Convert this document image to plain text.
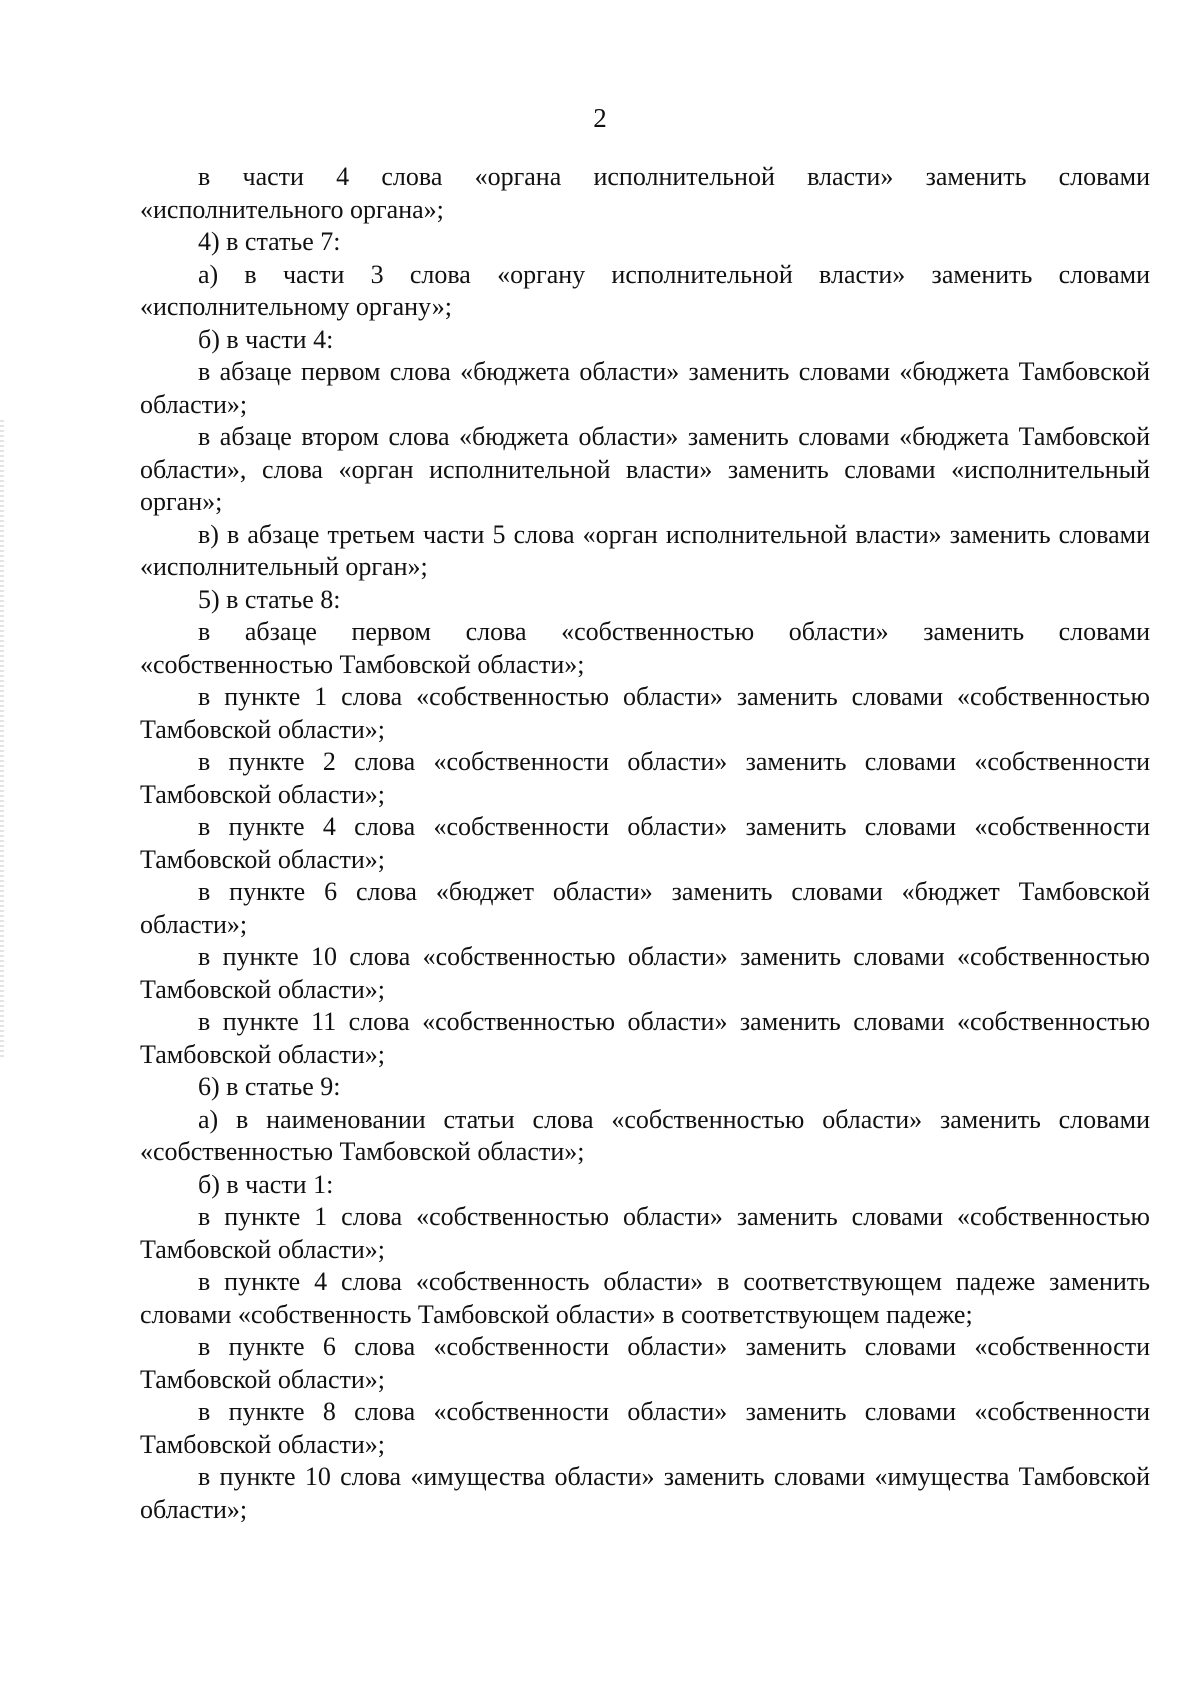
2

в части 4 слова «органа исполнительной власти» заменить словами «исполнительного органа»;

4) в статье 7:

а) в части 3 слова «органу исполнительной власти» заменить словами «исполнительному органу»;

б) в части 4:

в абзаце первом слова «бюджета области» заменить словами «бюджета Тамбовской области»;

в абзаце втором слова «бюджета области» заменить словами «бюджета Тамбовской области», слова «орган исполнительной власти» заменить словами «исполнительный орган»;

в) в абзаце третьем части 5 слова «орган исполнительной власти» заменить словами «исполнительный орган»;

5) в статье 8:

в абзаце первом слова «собственностью области» заменить словами «собственностью Тамбовской области»;

в пункте 1 слова «собственностью области» заменить словами «собственностью Тамбовской области»;

в пункте 2 слова «собственности области» заменить словами «собственности Тамбовской области»;

в пункте 4 слова «собственности области» заменить словами «собственности Тамбовской области»;

в пункте 6 слова «бюджет области» заменить словами «бюджет Тамбовской области»;

в пункте 10 слова «собственностью области» заменить словами «собственностью Тамбовской области»;

в пункте 11 слова «собственностью области» заменить словами «собственностью Тамбовской области»;

6) в статье 9:

а) в наименовании статьи слова «собственностью области» заменить словами «собственностью Тамбовской области»;

б) в части 1:

в пункте 1 слова «собственностью области» заменить словами «собственностью Тамбовской области»;

в пункте 4 слова «собственность области» в соответствующем падеже заменить словами «собственность Тамбовской области» в соответствующем падеже;

в пункте 6 слова «собственности области» заменить словами «собственности Тамбовской области»;

в пункте 8 слова «собственности области» заменить словами «собственности Тамбовской области»;

в пункте 10 слова «имущества области» заменить словами «имущества Тамбовской области»;
